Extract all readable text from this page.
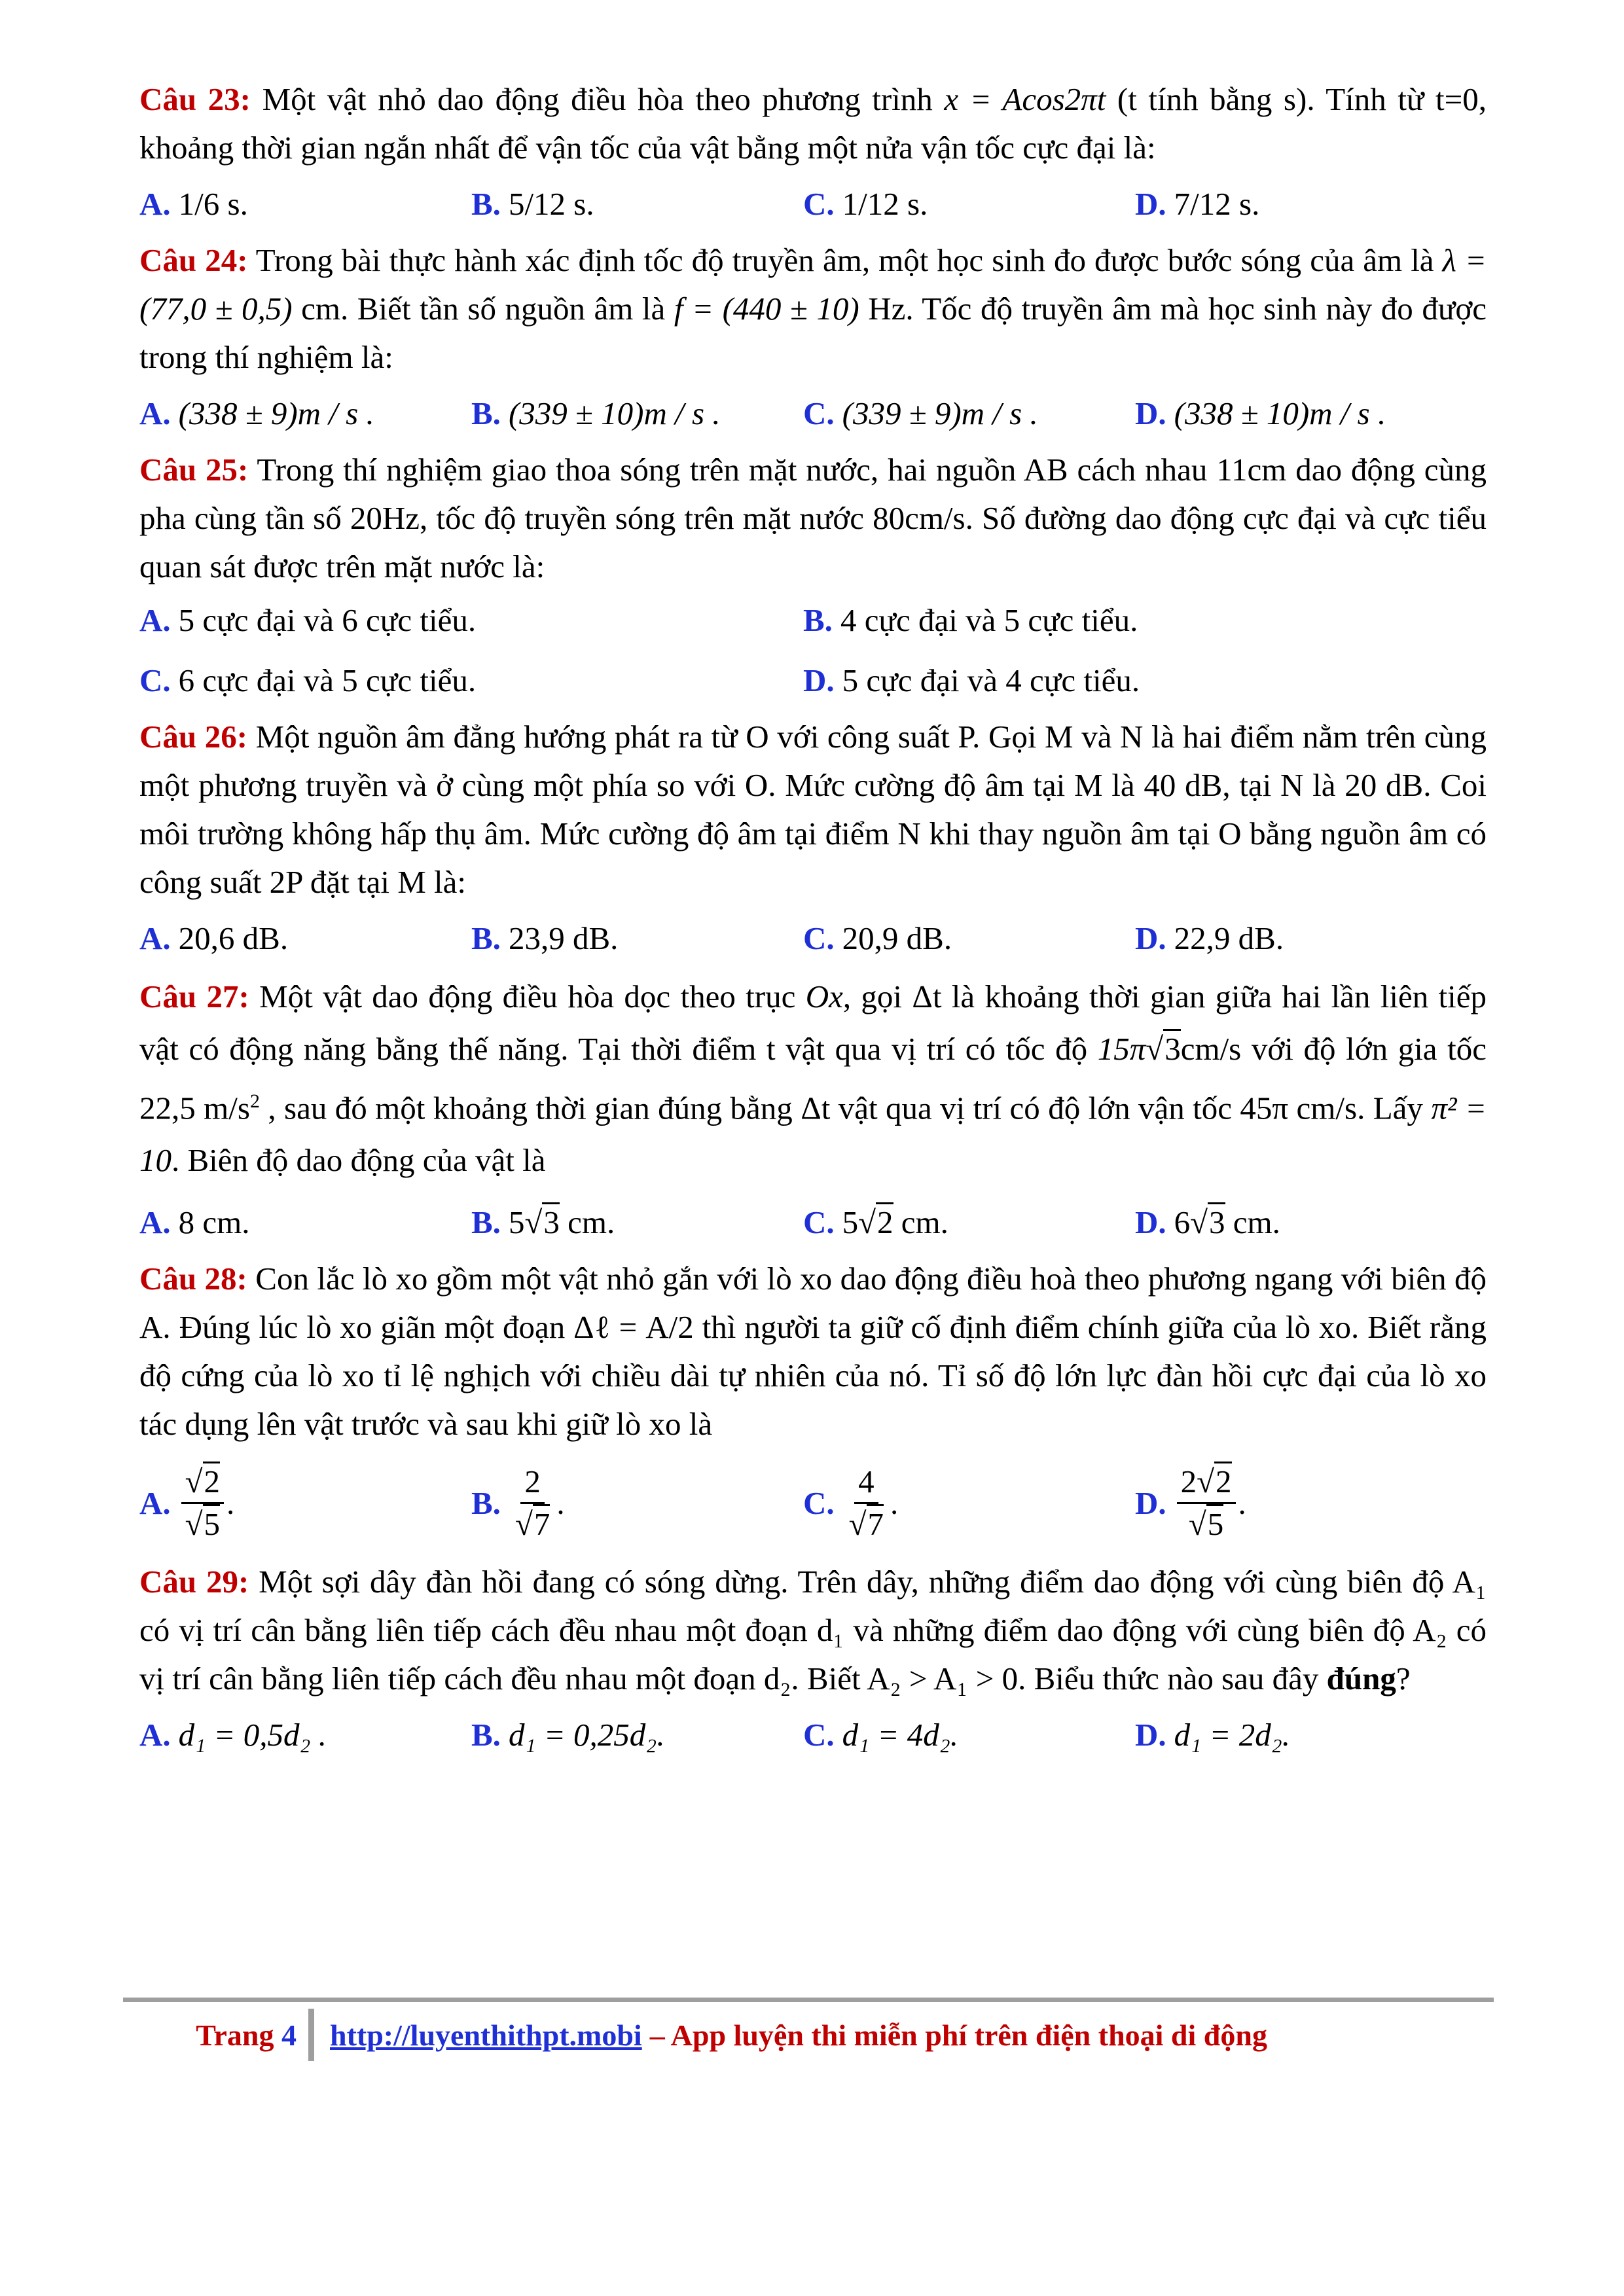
Câu 23: Một vật nhỏ dao động điều hòa theo phương trình x = Acos2πt (t tính bằng s). Tính từ t=0, khoảng thời gian ngắn nhất để vận tốc của vật bằng một nửa vận tốc cực đại là:
A. 1/6 s.	B. 5/12 s.	C. 1/12 s.	D. 7/12 s.
Câu 24: Trong bài thực hành xác định tốc độ truyền âm, một học sinh đo được bước sóng của âm là λ = (77,0 ± 0,5) cm. Biết tần số nguồn âm là f = (440 ± 10) Hz. Tốc độ truyền âm mà học sinh này đo được trong thí nghiệm là:
A. (338 ± 9)m / s .	B. (339 ± 10)m / s .	C. (339 ± 9)m / s .	D. (338 ± 10)m / s .
Câu 25: Trong thí nghiệm giao thoa sóng trên mặt nước, hai nguồn AB cách nhau 11cm dao động cùng pha cùng tần số 20Hz, tốc độ truyền sóng trên mặt nước 80cm/s. Số đường dao động cực đại và cực tiểu quan sát được trên mặt nước là:
A. 5 cực đại và 6 cực tiểu.	B. 4 cực đại và 5 cực tiểu.
C. 6 cực đại và 5 cực tiểu.	D. 5 cực đại và 4 cực tiểu.
Câu 26: Một nguồn âm đẳng hướng phát ra từ O với công suất P. Gọi M và N là hai điểm nằm trên cùng một phương truyền và ở cùng một phía so với O. Mức cường độ âm tại M là 40 dB, tại N là 20 dB. Coi môi trường không hấp thụ âm. Mức cường độ âm tại điểm N khi thay nguồn âm tại O bằng nguồn âm có công suất 2P đặt tại M là:
A. 20,6 dB.	B. 23,9 dB.	C. 20,9 dB.	D. 22,9 dB.
Câu 27: Một vật dao động điều hòa dọc theo trục Ox, gọi Δt là khoảng thời gian giữa hai lần liên tiếp vật có động năng bằng thế năng. Tại thời điểm t vật qua vị trí có tốc độ 15π√3cm/s với độ lớn gia tốc 22,5 $m/s^2$ , sau đó một khoảng thời gian đúng bằng Δt vật qua vị trí có độ lớn vận tốc 45π cm/s. Lấy π² = 10. Biên độ dao động của vật là
A. 8 cm.	B. 5√3
cm.	C. 5√2
cm.	D. 6√3
cm.
Câu 28: Con lắc lò xo gồm một vật nhỏ gắn với lò xo dao động điều hoà theo phương ngang với biên độ A. Đúng lúc lò xo giãn một đoạn Δℓ = A/2 thì người ta giữ cố định điểm chính giữa của lò xo. Biết rằng độ cứng của lò xo tỉ lệ nghịch với chiều dài tự nhiên của nó. Tỉ số độ lớn lực đàn hồi cực đại của lò xo tác dụng lên vật trước và sau khi giữ lò xo là
A. $\frac{√2}{√5}$ .	B. $\frac{2}{√7}$ .	C. $\frac{4}{√7}$ .	D. $\frac{2√2}{√5}$ .
Câu 29: Một sợi dây đàn hồi đang có sóng dừng. Trên dây, những điểm dao động với cùng biên độ A₁ có vị trí cân bằng liên tiếp cách đều nhau một đoạn d₁ và những điểm dao động với cùng biên độ A₂ có vị trí cân bằng liên tiếp cách đều nhau một đoạn d₂. Biết A₂ > A₁ > 0. Biểu thức nào sau đây đúng?
A. d₁ = 0,5d₂ .	B. d₁ = 0,25d₂.	C. d₁ = 4d₂.	D. d₁ = 2d₂.
Trang 4	http://luyenthithpt.mobi – App luyện thi miễn phí trên điện thoại di động
